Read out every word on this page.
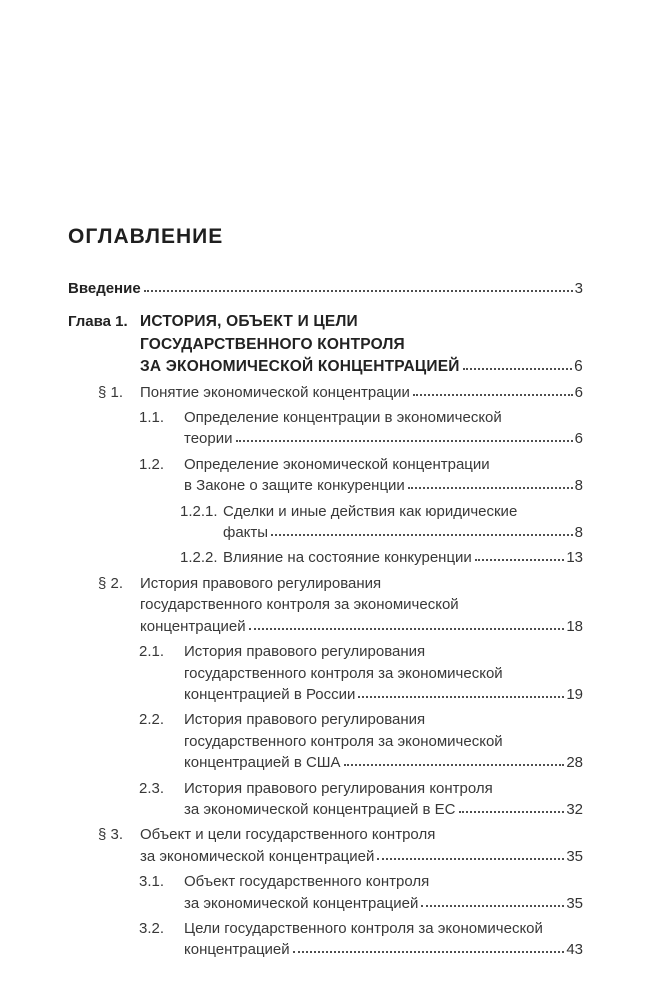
ОГЛАВЛЕНИЕ
Введение	3
Глава 1. ИСТОРИЯ, ОБЪЕКТ И ЦЕЛИ
ГОСУДАРСТВЕННОГО КОНТРОЛЯ
ЗА ЭКОНОМИЧЕСКОЙ КОНЦЕНТРАЦИЕЙ	6
§ 1.	Понятие экономической концентрации	6
1.1.	Определение концентрации в экономической
теории	6
1.2.	Определение экономической концентрации
в Законе о защите конкуренции	8
1.2.1. Сделки и иные действия как юридические
факты	8
1.2.2. Влияние на состояние конкуренции	13
§ 2.	История правового регулирования
государственного контроля за экономической
концентрацией	18
2.1.	История правового регулирования
государственного контроля за экономической
концентрацией в России	19
2.2.	История правового регулирования
государственного контроля за экономической
концентрацией в США	28
2.3.	История правового регулирования контроля
за экономической концентрацией в ЕС	32
§ 3.	Объект и цели государственного контроля
за экономической концентрацией	35
3.1.	Объект государственного контроля
за экономической концентрацией	35
3.2.	Цели государственного контроля за экономической
концентрацией	43
